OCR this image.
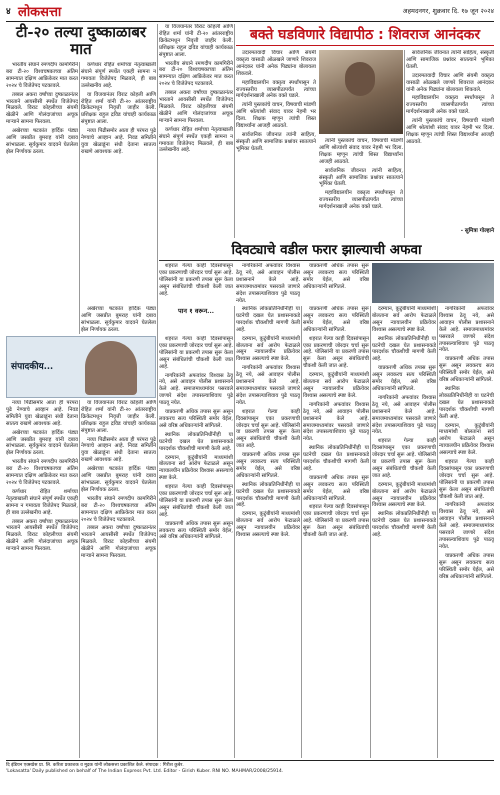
४ लोकसत्ता	अहमदनगर, शुक्रवार दि. १७ जून २०२४
टी-२० तल्या दुष्काळाबर मात

भारतीय संघाने रमणदीप कामगिरीने बरा टी-२० विश्वचषकाच्या अंतिम सामन्यात दक्षिण आफ्रिकेवर मात करत २०२४ चे विजेतेपद पटकावले.

तब्बल अकरा वर्षांच्या दुष्काळानंतर भारताने आयसीसी स्पर्धेत विजेतेपद मिळवले. विराट कोहलीच्या संयमी खेळीने आणि गोलंदाजांच्या अचूक माऱ्याने सामना फिरवला.

अखेरच्या षटकांत हार्दिक पंड्या आणि जसप्रीत बुमराह यांनी दबाव सांभाळला. सूर्यकुमार यादवने घेतलेला झेल निर्णायक ठरला.

कर्णधार रोहित शर्माच्या नेतृत्वाखाली संघाने संपूर्ण स्पर्धेत एकही सामना न गमावता विजेतेपद मिळवले, ही बाब उल्लेखनीय आहे.

या विजयानंतर विराट कोहली आणि रोहित शर्मा यांनी टी-२० आंतरराष्ट्रीय क्रिकेटमधून निवृत्ती जाहीर केली. प्रशिक्षक राहुल द्रविड यांचाही कार्यकाळ संपुष्टात आला.

नव्या पिढीसमोर आता ही परंपरा पुढे नेण्याचे आव्हान आहे. निवड समितीने युवा खेळाडूंना संधी देताना सातत्य राखणे आवश्यक आहे.

या विजयानंतर विराट कोहली आणि रोहित शर्मा यांनी टी-२० आंतरराष्ट्रीय क्रिकेटमधून निवृत्ती जाहीर केली. प्रशिक्षक राहुल द्रविड यांचाही कार्यकाळ संपुष्टात आला.

भारतीय संघाने रमणदीप कामगिरीने बरा टी-२० विश्वचषकाच्या अंतिम सामन्यात दक्षिण आफ्रिकेवर मात करत २०२४ चे विजेतेपद पटकावले.

तब्बल अकरा वर्षांच्या दुष्काळानंतर भारताने आयसीसी स्पर्धेत विजेतेपद मिळवले. विराट कोहलीच्या संयमी खेळीने आणि गोलंदाजांच्या अचूक माऱ्याने सामना फिरवला.

कर्णधार रोहित शर्माच्या नेतृत्वाखाली संघाने संपूर्ण स्पर्धेत एकही सामना न गमावता विजेतेपद मिळवले, ही बाब उल्लेखनीय आहे.

संपादकीय...

नव्या पिढीसमोर आता ही परंपरा पुढे नेण्याचे आव्हान आहे. निवड समितीने युवा खेळाडूंना संधी देताना सातत्य राखणे आवश्यक आहे.

अखेरच्या षटकांत हार्दिक पंड्या आणि जसप्रीत बुमराह यांनी दबाव सांभाळला. सूर्यकुमार यादवने घेतलेला झेल निर्णायक ठरला.

भारतीय संघाने रमणदीप कामगिरीने बरा टी-२० विश्वचषकाच्या अंतिम सामन्यात दक्षिण आफ्रिकेवर मात करत २०२४ चे विजेतेपद पटकावले.

कर्णधार रोहित शर्माच्या नेतृत्वाखाली संघाने संपूर्ण स्पर्धेत एकही सामना न गमावता विजेतेपद मिळवले, ही बाब उल्लेखनीय आहे.

तब्बल अकरा वर्षांच्या दुष्काळानंतर भारताने आयसीसी स्पर्धेत विजेतेपद मिळवले. विराट कोहलीच्या संयमी खेळीने आणि गोलंदाजांच्या अचूक माऱ्याने सामना फिरवला.

या विजयानंतर विराट कोहली आणि रोहित शर्मा यांनी टी-२० आंतरराष्ट्रीय क्रिकेटमधून निवृत्ती जाहीर केली. प्रशिक्षक राहुल द्रविड यांचाही कार्यकाळ संपुष्टात आला.

नव्या पिढीसमोर आता ही परंपरा पुढे नेण्याचे आव्हान आहे. निवड समितीने युवा खेळाडूंना संधी देताना सातत्य राखणे आवश्यक आहे.

अखेरच्या षटकांत हार्दिक पंड्या आणि जसप्रीत बुमराह यांनी दबाव सांभाळला. सूर्यकुमार यादवने घेतलेला झेल निर्णायक ठरला.

भारतीय संघाने रमणदीप कामगिरीने बरा टी-२० विश्वचषकाच्या अंतिम सामन्यात दक्षिण आफ्रिकेवर मात करत २०२४ चे विजेतेपद पटकावले.

तब्बल अकरा वर्षांच्या दुष्काळानंतर भारताने आयसीसी स्पर्धेत विजेतेपद मिळवले. विराट कोहलीच्या संयमी खेळीने आणि गोलंदाजांच्या अचूक माऱ्याने सामना फिरवला.

अखेरच्या षटकांत हार्दिक पंड्या आणि जसप्रीत बुमराह यांनी दबाव सांभाळला. सूर्यकुमार यादवने घेतलेला झेल निर्णायक ठरला.

बक्ते घडविणारे विद्यापीठ : शिवराज आनंदकर

उदारमतवादी विचार आणि संयमी वक्तृत्व यासाठी ओळखले जाणारे शिवराज आनंदकर यांनी अनेक पिढ्यांना बोलायला शिकवले.

महाविद्यालयीन वक्तृत्व स्पर्धांपासून ते राज्यस्तरीय व्यासपीठापर्यंत त्यांच्या मार्गदर्शनाखाली अनेक वक्ते घडले.

त्यांनी पुस्तकांचे वाचन, विषयाची मांडणी आणि श्रोत्यांशी संवाद यावर नेहमी भर दिला. शिक्षक म्हणून त्यांची शिस्त विद्यार्थ्यांना आजही आठवते.

सार्वजनिक जीवनात त्यांनी साहित्य, संस्कृती आणि सामाजिक प्रश्नांवर सातत्याने भूमिका घेतली.

त्यांनी पुस्तकांचे वाचन, विषयाची मांडणी आणि श्रोत्यांशी संवाद यावर नेहमी भर दिला. शिक्षक म्हणून त्यांची शिस्त विद्यार्थ्यांना आजही आठवते.

सार्वजनिक जीवनात त्यांनी साहित्य, संस्कृती आणि सामाजिक प्रश्नांवर सातत्याने भूमिका घेतली.

महाविद्यालयीन वक्तृत्व स्पर्धांपासून ते राज्यस्तरीय व्यासपीठापर्यंत त्यांच्या मार्गदर्शनाखाली अनेक वक्ते घडले.

सार्वजनिक जीवनात त्यांनी साहित्य, संस्कृती आणि सामाजिक प्रश्नांवर सातत्याने भूमिका घेतली.

उदारमतवादी विचार आणि संयमी वक्तृत्व यासाठी ओळखले जाणारे शिवराज आनंदकर यांनी अनेक पिढ्यांना बोलायला शिकवले.

महाविद्यालयीन वक्तृत्व स्पर्धांपासून ते राज्यस्तरीय व्यासपीठापर्यंत त्यांच्या मार्गदर्शनाखाली अनेक वक्ते घडले.

त्यांनी पुस्तकांचे वाचन, विषयाची मांडणी आणि श्रोत्यांशी संवाद यावर नेहमी भर दिला. शिक्षक म्हणून त्यांची शिस्त विद्यार्थ्यांना आजही आठवते.

- सुमित्रा गोल्हाने
दिवट्याचे वडील फरार झाल्याची अफवा

शहरात गेल्या काही दिवसांपासून एका प्रकरणाची जोरदार चर्चा सुरू आहे. पोलिसांनी या प्रकरणी तपास सुरू केला असून संबंधितांची चौकशी केली जात आहे.

नागरिकांनी अफवांवर विश्वास ठेवू नये, असे आवाहन पोलीस प्रशासनाने केले आहे. समाजमाध्यमांवर पसरवले जाणारे संदेश तपासल्याशिवाय पुढे पाठवू नयेत.

याप्रकरणी अधिक तपास सुरू असून लवकरच सत्य परिस्थिती समोर येईल, असे वरिष्ठ अधिकाऱ्यांनी सांगितले.

पान १ वरून...

शहरात गेल्या काही दिवसांपासून एका प्रकरणाची जोरदार चर्चा सुरू आहे. पोलिसांनी या प्रकरणी तपास सुरू केला असून संबंधितांची चौकशी केली जात आहे.

नागरिकांनी अफवांवर विश्वास ठेवू नये, असे आवाहन पोलीस प्रशासनाने केले आहे. समाजमाध्यमांवर पसरवले जाणारे संदेश तपासल्याशिवाय पुढे पाठवू नयेत.

याप्रकरणी अधिक तपास सुरू असून लवकरच सत्य परिस्थिती समोर येईल, असे वरिष्ठ अधिकाऱ्यांनी सांगितले.

स्थानिक लोकप्रतिनिधींनीही या घटनेची दखल घेत प्रशासनाकडे पारदर्शक चौकशीची मागणी केली आहे.

दरम्यान, कुटुंबीयांनी माध्यमांशी बोलताना सर्व आरोप फेटाळले असून न्यायालयीन प्रक्रियेवर विश्वास असल्याचे स्पष्ट केले.

शहरात गेल्या काही दिवसांपासून एका प्रकरणाची जोरदार चर्चा सुरू आहे. पोलिसांनी या प्रकरणी तपास सुरू केला असून संबंधितांची चौकशी केली जात आहे.

याप्रकरणी अधिक तपास सुरू असून लवकरच सत्य परिस्थिती समोर येईल, असे वरिष्ठ अधिकाऱ्यांनी सांगितले.

स्थानिक लोकप्रतिनिधींनीही या घटनेची दखल घेत प्रशासनाकडे पारदर्शक चौकशीची मागणी केली आहे.

दरम्यान, कुटुंबीयांनी माध्यमांशी बोलताना सर्व आरोप फेटाळले असून न्यायालयीन प्रक्रियेवर विश्वास असल्याचे स्पष्ट केले.

नागरिकांनी अफवांवर विश्वास ठेवू नये, असे आवाहन पोलीस प्रशासनाने केले आहे. समाजमाध्यमांवर पसरवले जाणारे संदेश तपासल्याशिवाय पुढे पाठवू नयेत.

शहरात गेल्या काही दिवसांपासून एका प्रकरणाची जोरदार चर्चा सुरू आहे. पोलिसांनी या प्रकरणी तपास सुरू केला असून संबंधितांची चौकशी केली जात आहे.

याप्रकरणी अधिक तपास सुरू असून लवकरच सत्य परिस्थिती समोर येईल, असे वरिष्ठ अधिकाऱ्यांनी सांगितले.

स्थानिक लोकप्रतिनिधींनीही या घटनेची दखल घेत प्रशासनाकडे पारदर्शक चौकशीची मागणी केली आहे.

दरम्यान, कुटुंबीयांनी माध्यमांशी बोलताना सर्व आरोप फेटाळले असून न्यायालयीन प्रक्रियेवर विश्वास असल्याचे स्पष्ट केले.

याप्रकरणी अधिक तपास सुरू असून लवकरच सत्य परिस्थिती समोर येईल, असे वरिष्ठ अधिकाऱ्यांनी सांगितले.

शहरात गेल्या काही दिवसांपासून एका प्रकरणाची जोरदार चर्चा सुरू आहे. पोलिसांनी या प्रकरणी तपास सुरू केला असून संबंधितांची चौकशी केली जात आहे.

दरम्यान, कुटुंबीयांनी माध्यमांशी बोलताना सर्व आरोप फेटाळले असून न्यायालयीन प्रक्रियेवर विश्वास असल्याचे स्पष्ट केले.

नागरिकांनी अफवांवर विश्वास ठेवू नये, असे आवाहन पोलीस प्रशासनाने केले आहे. समाजमाध्यमांवर पसरवले जाणारे संदेश तपासल्याशिवाय पुढे पाठवू नयेत.

स्थानिक लोकप्रतिनिधींनीही या घटनेची दखल घेत प्रशासनाकडे पारदर्शक चौकशीची मागणी केली आहे.

याप्रकरणी अधिक तपास सुरू असून लवकरच सत्य परिस्थिती समोर येईल, असे वरिष्ठ अधिकाऱ्यांनी सांगितले.

शहरात गेल्या काही दिवसांपासून एका प्रकरणाची जोरदार चर्चा सुरू आहे. पोलिसांनी या प्रकरणी तपास सुरू केला असून संबंधितांची चौकशी केली जात आहे.

दरम्यान, कुटुंबीयांनी माध्यमांशी बोलताना सर्व आरोप फेटाळले असून न्यायालयीन प्रक्रियेवर विश्वास असल्याचे स्पष्ट केले.

स्थानिक लोकप्रतिनिधींनीही या घटनेची दखल घेत प्रशासनाकडे पारदर्शक चौकशीची मागणी केली आहे.

याप्रकरणी अधिक तपास सुरू असून लवकरच सत्य परिस्थिती समोर येईल, असे वरिष्ठ अधिकाऱ्यांनी सांगितले.

नागरिकांनी अफवांवर विश्वास ठेवू नये, असे आवाहन पोलीस प्रशासनाने केले आहे. समाजमाध्यमांवर पसरवले जाणारे संदेश तपासल्याशिवाय पुढे पाठवू नयेत.

शहरात गेल्या काही दिवसांपासून एका प्रकरणाची जोरदार चर्चा सुरू आहे. पोलिसांनी या प्रकरणी तपास सुरू केला असून संबंधितांची चौकशी केली जात आहे.

दरम्यान, कुटुंबीयांनी माध्यमांशी बोलताना सर्व आरोप फेटाळले असून न्यायालयीन प्रक्रियेवर विश्वास असल्याचे स्पष्ट केले.

स्थानिक लोकप्रतिनिधींनीही या घटनेची दखल घेत प्रशासनाकडे पारदर्शक चौकशीची मागणी केली आहे.

नागरिकांनी अफवांवर विश्वास ठेवू नये, असे आवाहन पोलीस प्रशासनाने केले आहे. समाजमाध्यमांवर पसरवले जाणारे संदेश तपासल्याशिवाय पुढे पाठवू नयेत.

याप्रकरणी अधिक तपास सुरू असून लवकरच सत्य परिस्थिती समोर येईल, असे वरिष्ठ अधिकाऱ्यांनी सांगितले.

स्थानिक लोकप्रतिनिधींनीही या घटनेची दखल घेत प्रशासनाकडे पारदर्शक चौकशीची मागणी केली आहे.

दरम्यान, कुटुंबीयांनी माध्यमांशी बोलताना सर्व आरोप फेटाळले असून न्यायालयीन प्रक्रियेवर विश्वास असल्याचे स्पष्ट केले.

शहरात गेल्या काही दिवसांपासून एका प्रकरणाची जोरदार चर्चा सुरू आहे. पोलिसांनी या प्रकरणी तपास सुरू केला असून संबंधितांची चौकशी केली जात आहे.

नागरिकांनी अफवांवर विश्वास ठेवू नये, असे आवाहन पोलीस प्रशासनाने केले आहे. समाजमाध्यमांवर पसरवले जाणारे संदेश तपासल्याशिवाय पुढे पाठवू नयेत.

याप्रकरणी अधिक तपास सुरू असून लवकरच सत्य परिस्थिती समोर येईल, असे वरिष्ठ अधिकाऱ्यांनी सांगितले.

दि इंडियन एक्सप्रेस प्रा. लि. करिता प्रकाशक व मुद्रक यांनी लोकसत्ता प्रकाशित केले. संपादक : गिरीश कुबेर.
'Lokasatta' Daily published on behalf of The Indian Express Pvt. Ltd. Editor - Girish Kuber. RNI NO. MAHMAR/2008/25914.
